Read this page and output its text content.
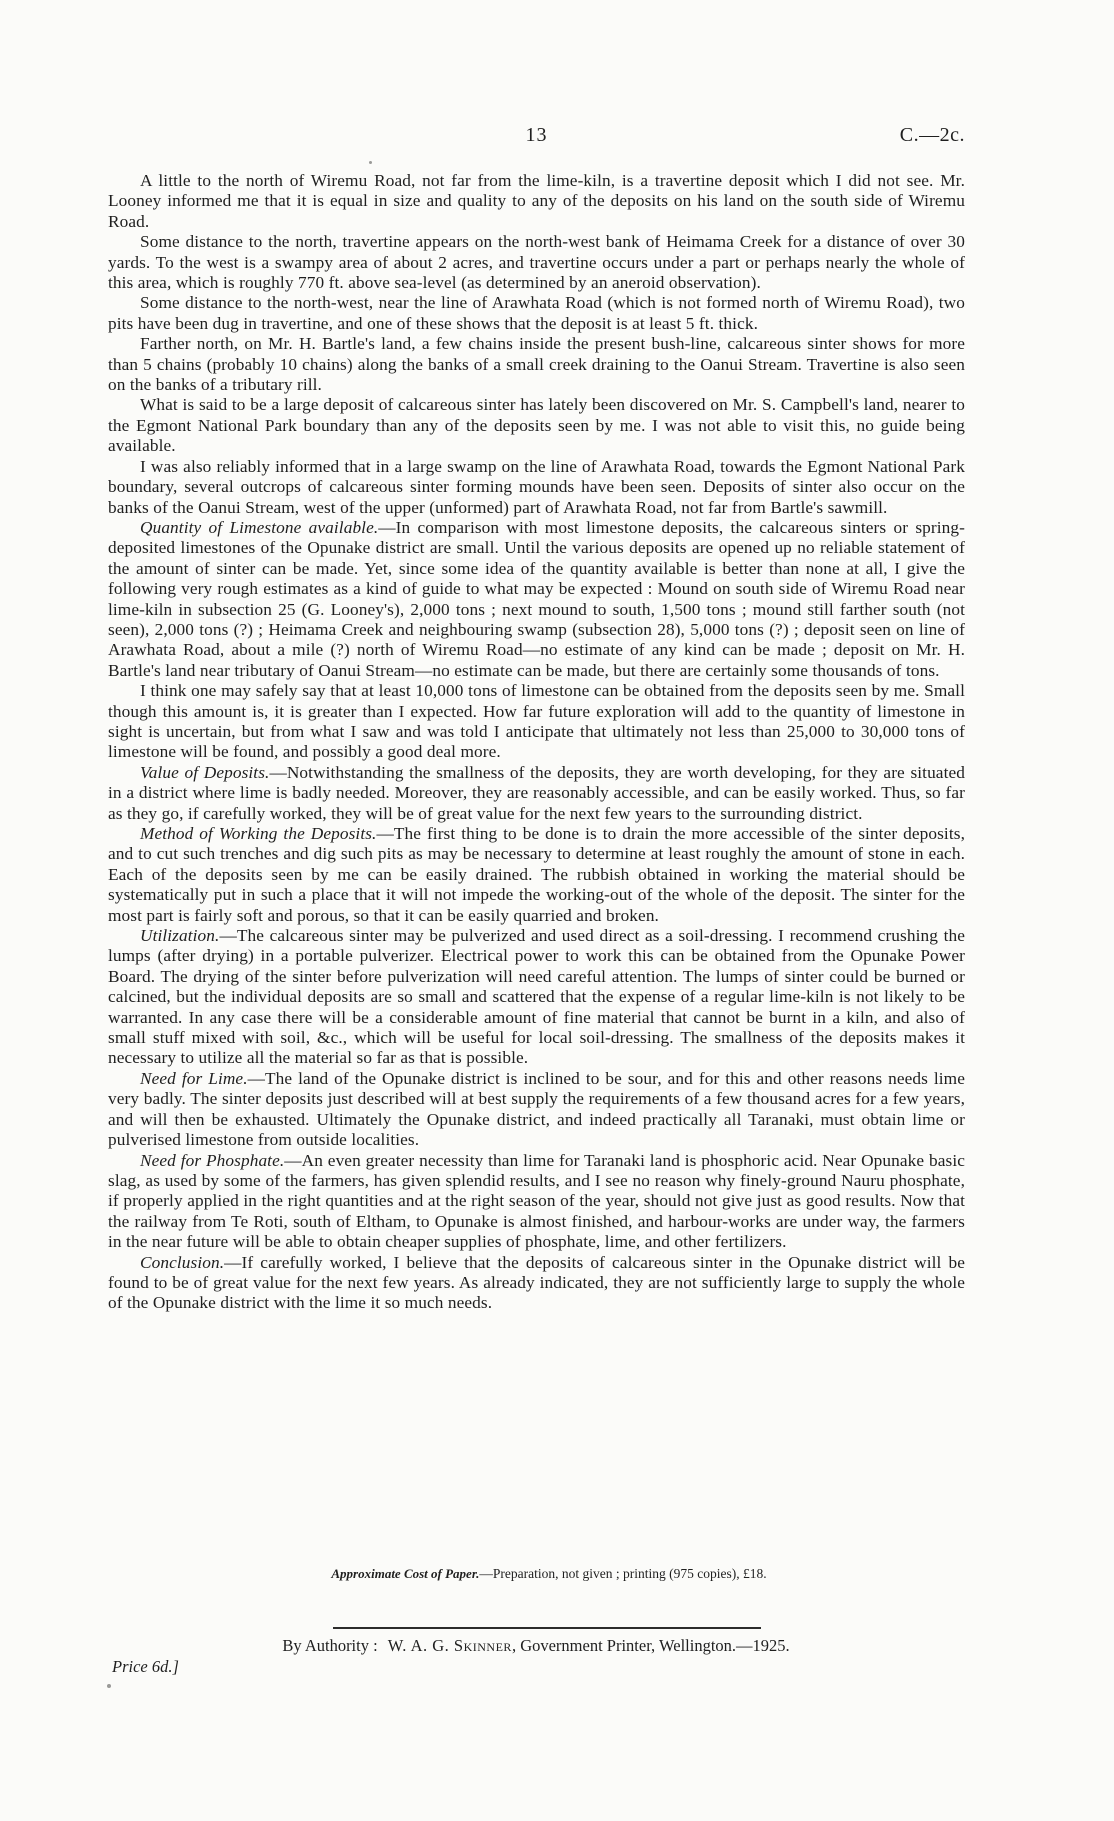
13	C.—2c.

A little to the north of Wiremu Road, not far from the lime-kiln, is a travertine deposit which I did not see. Mr. Looney informed me that it is equal in size and quality to any of the deposits on his land on the south side of Wiremu Road.

Some distance to the north, travertine appears on the north-west bank of Heimama Creek for a distance of over 30 yards. To the west is a swampy area of about 2 acres, and travertine occurs under a part or perhaps nearly the whole of this area, which is roughly 770 ft. above sea-level (as determined by an aneroid observation).

Some distance to the north-west, near the line of Arawhata Road (which is not formed north of Wiremu Road), two pits have been dug in travertine, and one of these shows that the deposit is at least 5 ft. thick.

Farther north, on Mr. H. Bartle's land, a few chains inside the present bush-line, calcareous sinter shows for more than 5 chains (probably 10 chains) along the banks of a small creek draining to the Oanui Stream. Travertine is also seen on the banks of a tributary rill.

What is said to be a large deposit of calcareous sinter has lately been discovered on Mr. S. Campbell's land, nearer to the Egmont National Park boundary than any of the deposits seen by me. I was not able to visit this, no guide being available.

I was also reliably informed that in a large swamp on the line of Arawhata Road, towards the Egmont National Park boundary, several outcrops of calcareous sinter forming mounds have been seen. Deposits of sinter also occur on the banks of the Oanui Stream, west of the upper (unformed) part of Arawhata Road, not far from Bartle's sawmill.

Quantity of Limestone available.—In comparison with most limestone deposits, the calcareous sinters or spring-deposited limestones of the Opunake district are small. Until the various deposits are opened up no reliable statement of the amount of sinter can be made. Yet, since some idea of the quantity available is better than none at all, I give the following very rough estimates as a kind of guide to what may be expected : Mound on south side of Wiremu Road near lime-kiln in subsection 25 (G. Looney's), 2,000 tons ; next mound to south, 1,500 tons ; mound still farther south (not seen), 2,000 tons (?) ; Heimama Creek and neighbouring swamp (subsection 28), 5,000 tons (?) ; deposit seen on line of Arawhata Road, about a mile (?) north of Wiremu Road—no estimate of any kind can be made ; deposit on Mr. H. Bartle's land near tributary of Oanui Stream—no estimate can be made, but there are certainly some thousands of tons.

I think one may safely say that at least 10,000 tons of limestone can be obtained from the deposits seen by me. Small though this amount is, it is greater than I expected. How far future exploration will add to the quantity of limestone in sight is uncertain, but from what I saw and was told I anticipate that ultimately not less than 25,000 to 30,000 tons of limestone will be found, and possibly a good deal more.

Value of Deposits.—Notwithstanding the smallness of the deposits, they are worth developing, for they are situated in a district where lime is badly needed. Moreover, they are reasonably accessible, and can be easily worked. Thus, so far as they go, if carefully worked, they will be of great value for the next few years to the surrounding district.

Method of Working the Deposits.—The first thing to be done is to drain the more accessible of the sinter deposits, and to cut such trenches and dig such pits as may be necessary to determine at least roughly the amount of stone in each. Each of the deposits seen by me can be easily drained. The rubbish obtained in working the material should be systematically put in such a place that it will not impede the working-out of the whole of the deposit. The sinter for the most part is fairly soft and porous, so that it can be easily quarried and broken.

Utilization.—The calcareous sinter may be pulverized and used direct as a soil-dressing. I recommend crushing the lumps (after drying) in a portable pulverizer. Electrical power to work this can be obtained from the Opunake Power Board. The drying of the sinter before pulverization will need careful attention. The lumps of sinter could be burned or calcined, but the individual deposits are so small and scattered that the expense of a regular lime-kiln is not likely to be warranted. In any case there will be a considerable amount of fine material that cannot be burnt in a kiln, and also of small stuff mixed with soil, &c., which will be useful for local soil-dressing. The smallness of the deposits makes it necessary to utilize all the material so far as that is possible.

Need for Lime.—The land of the Opunake district is inclined to be sour, and for this and other reasons needs lime very badly. The sinter deposits just described will at best supply the requirements of a few thousand acres for a few years, and will then be exhausted. Ultimately the Opunake district, and indeed practically all Taranaki, must obtain lime or pulverised limestone from outside localities.

Need for Phosphate.—An even greater necessity than lime for Taranaki land is phosphoric acid. Near Opunake basic slag, as used by some of the farmers, has given splendid results, and I see no reason why finely-ground Nauru phosphate, if properly applied in the right quantities and at the right season of the year, should not give just as good results. Now that the railway from Te Roti, south of Eltham, to Opunake is almost finished, and harbour-works are under way, the farmers in the near future will be able to obtain cheaper supplies of phosphate, lime, and other fertilizers.

Conclusion.—If carefully worked, I believe that the deposits of calcareous sinter in the Opunake district will be found to be of great value for the next few years. As already indicated, they are not sufficiently large to supply the whole of the Opunake district with the lime it so much needs.

Approximate Cost of Paper.—Preparation, not given ; printing (975 copies), £18.
By Authority : W. A. G. Skinner, Government Printer, Wellington.—1925.
Price 6d.]
